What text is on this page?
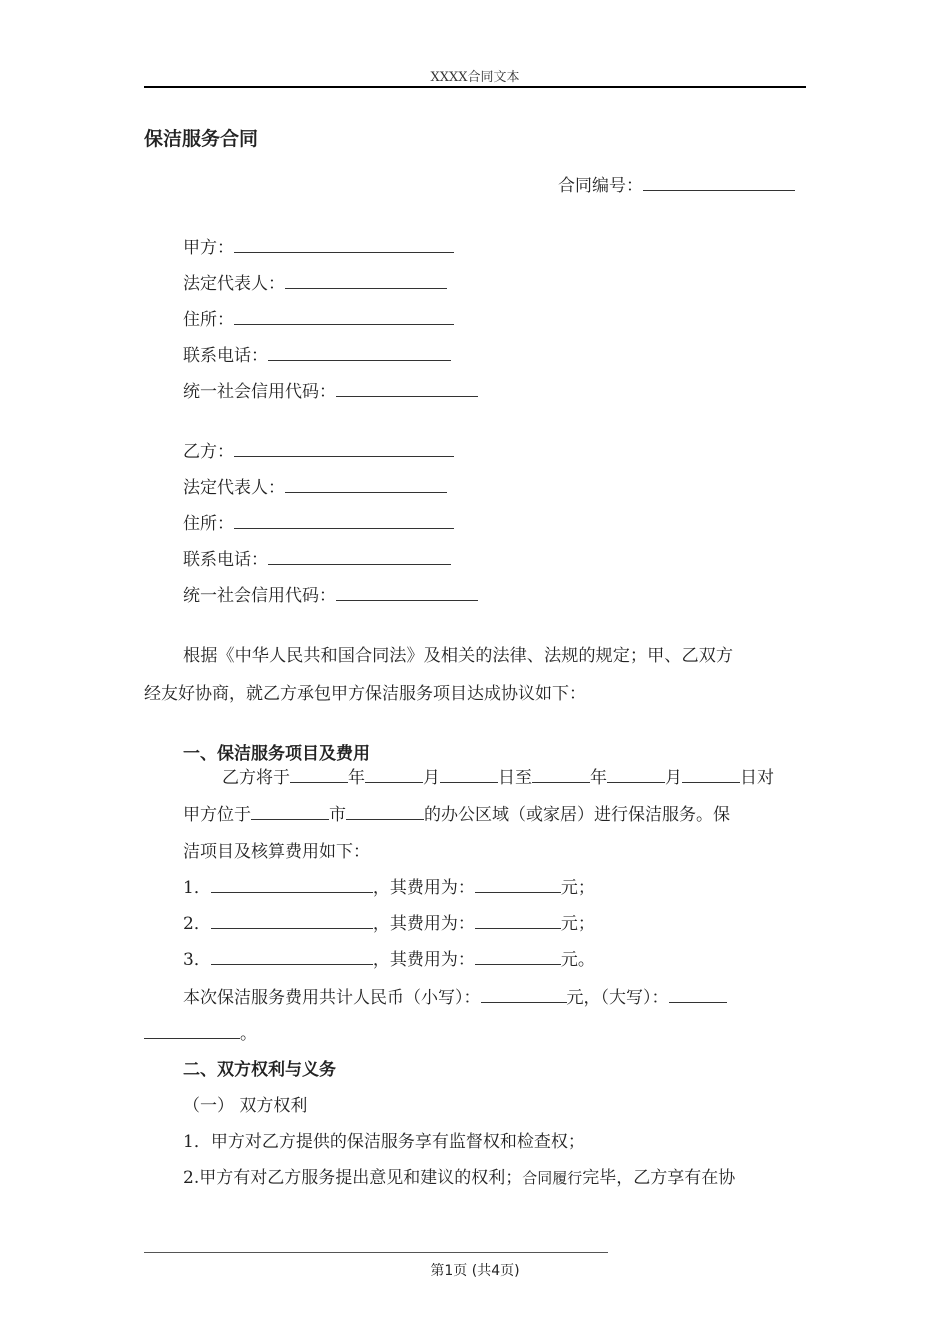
XXXX合同文本
保洁服务合同
合同编号：
甲方：
法定代表人：
住所：
联系电话：
统一社会信用代码：
乙方：
法定代表人：
住所：
联系电话：
统一社会信用代码：
根据《中华人民共和国合同法》及相关的法律、法规的规定；甲、乙双方
经友好协商，就乙方承包甲方保洁服务项目达成协议如下：
一、保洁服务项目及费用
乙方将于	年	月	日至	年	月	日对
甲方位于	市	的办公区域（或家居）进行保洁服务。保
洁项目及核算费用如下：
1．	，其费用为：	元；
2．	，其费用为：	元；
3．	，其费用为：	元。
本次保洁服务费用共计人民币（小写）：	元，（大写）：
。
二、双方权利与义务
（一） 双方权利
1．甲方对乙方提供的保洁服务享有监督权和检查权；
2.甲方有对乙方服务提出意见和建议的权利；合同履行完毕，乙方享有在协
第1页 (共4页)
